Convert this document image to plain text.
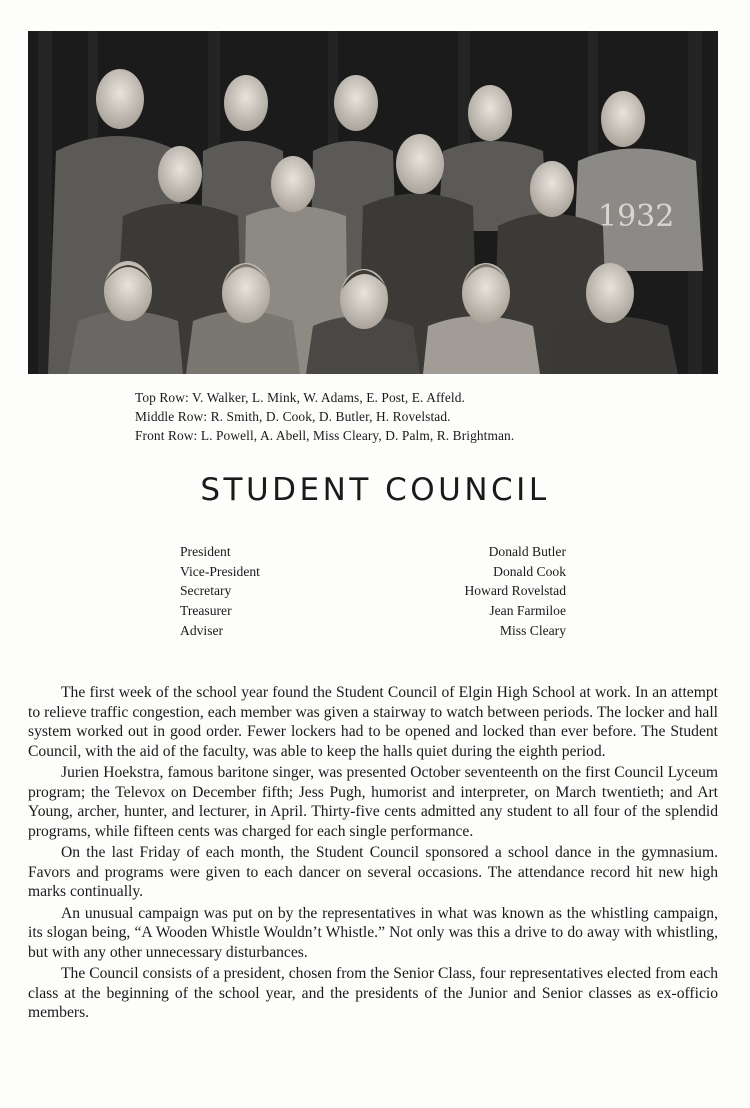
1932
Top Row: V. Walker, L. Mink, W. Adams, E. Post, E. Affeld.
Middle Row: R. Smith, D. Cook, D. Butler, H. Rovelstad.
Front Row: L. Powell, A. Abell, Miss Cleary, D. Palm, R. Brightman.
STUDENT COUNCIL
President	Donald Butler
Vice-President	Donald Cook
Secretary	Howard Rovelstad
Treasurer	Jean Farmiloe
Adviser	Miss Cleary

The first week of the school year found the Student Council of Elgin High School at work. In an attempt to relieve traffic congestion, each member was given a stairway to watch between periods. The locker and hall system worked out in good order. Fewer lockers had to be opened and locked than ever before. The Student Council, with the aid of the faculty, was able to keep the halls quiet during the eighth period.

Jurien Hoekstra, famous baritone singer, was presented October seventeenth on the first Council Lyceum program; the Televox on December fifth; Jess Pugh, humorist and interpreter, on March twentieth; and Art Young, archer, hunter, and lecturer, in April. Thirty-five cents admitted any student to all four of the splendid programs, while fifteen cents was charged for each single performance.

On the last Friday of each month, the Student Council sponsored a school dance in the gymnasium. Favors and programs were given to each dancer on several occasions. The attendance record hit new high marks continually.

An unusual campaign was put on by the representatives in what was known as the whistling campaign, its slogan being, “A Wooden Whistle Wouldn’t Whistle.” Not only was this a drive to do away with whistling, but with any other unnecessary disturbances.

The Council consists of a president, chosen from the Senior Class, four representatives elected from each class at the beginning of the school year, and the presidents of the Junior and Senior classes as ex-officio members.
